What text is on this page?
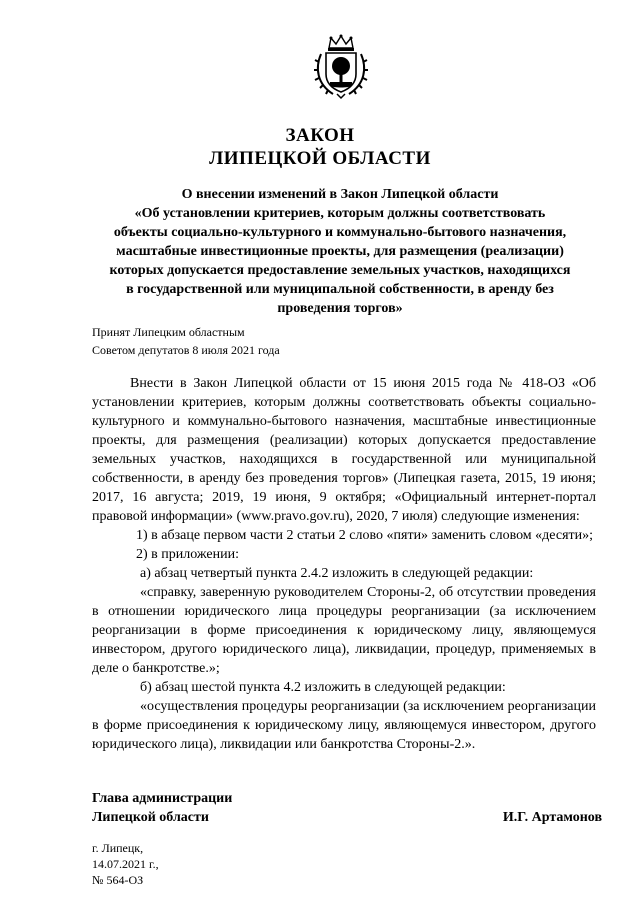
ЗАКОН
ЛИПЕЦКОЙ ОБЛАСТИ
О внесении изменений в Закон Липецкой области
«Об установлении критериев, которым должны соответствовать
объекты социально-культурного и коммунально-бытового назначения,
масштабные инвестиционные проекты, для размещения (реализации)
которых допускается предоставление земельных участков, находящихся
в государственной или муниципальной собственности, в аренду без
проведения торгов»
Принят Липецким областным
Советом депутатов 8 июля 2021 года

Внести в Закон Липецкой области от 15 июня 2015 года № 418-ОЗ «Об установлении критериев, которым должны соответствовать объекты социально-культурного и коммунально-бытового назначения, масштабные инвестиционные проекты, для размещения (реализации) которых допускается предоставление земельных участков, находящихся в государственной или муниципальной собственности, в аренду без проведения торгов» (Липецкая газета, 2015, 19 июня; 2017, 16 августа; 2019, 19 июня, 9 октября; «Официальный интернет-портал правовой информации» (www.pravo.gov.ru), 2020, 7 июля) следующие изменения:

1) в абзаце первом части 2 статьи 2 слово «пяти» заменить словом «десяти»;

2) в приложении:

а) абзац четвертый пункта 2.4.2 изложить в следующей редакции:

«справку, заверенную руководителем Стороны-2, об отсутствии проведения в отношении юридического лица процедуры реорганизации (за исключением реорганизации в форме присоединения к юридическому лицу, являющемуся инвестором, другого юридического лица), ликвидации, процедур, применяемых в деле о банкротстве.»;

б) абзац шестой пункта 4.2 изложить в следующей редакции:

«осуществления процедуры реорганизации (за исключением реорганизации в форме присоединения к юридическому лицу, являющемуся инвестором, другого юридического лица), ликвидации или банкротства Стороны-2.».

Глава администрации
Липецкой области	И.Г. Артамонов
г. Липецк,
14.07.2021 г.,
№ 564-ОЗ
